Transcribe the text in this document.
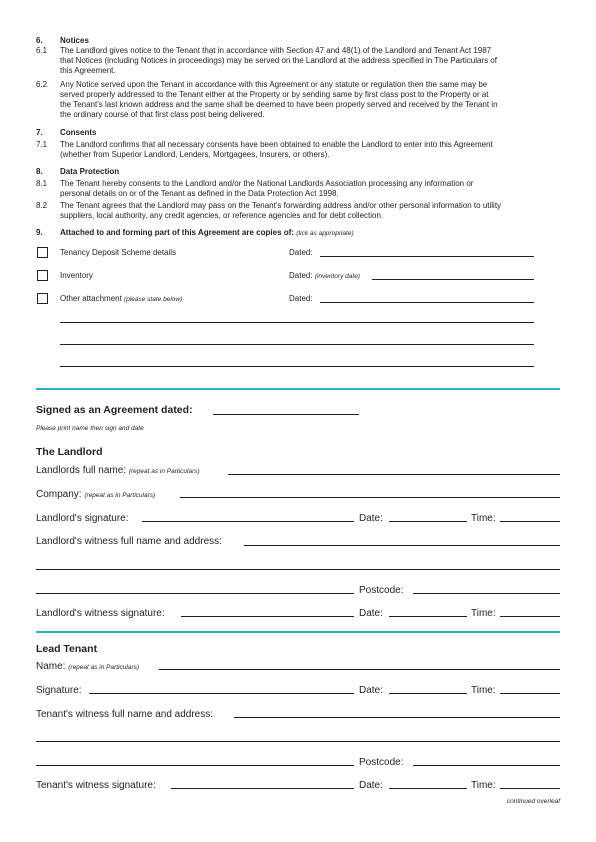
6. Notices
6.1 The Landlord gives notice to the Tenant that in accordance with Section 47 and 48(1) of the Landlord and Tenant Act 1987
that Notices (including Notices in proceedings) may be served on the Landlord at the address specified in The Particulars of
this Agreement.
6.2 Any Notice served upon the Tenant in accordance with this Agreement or any statute or regulation then the same may be
served properly addressed to the Tenant either at the Property or by sending same by first class post to the Property or at
the Tenant's last known address and the same shall be deemed to have been properly served and received by the Tenant in
the ordinary course of that first class post being delivered.
7. Consents
7.1 The Landlord confirms that all necessary consents have been obtained to enable the Landlord to enter into this Agreement
(whether from Superior Landlord, Lenders, Mortgagees, Insurers, or others).
8. Data Protection
8.1 The Tenant hereby consents to the Landlord and/or the National Landlords Association processing any information or
personal details on or of the Tenant as defined in the Data Protection Act 1998.
8.2 The Tenant agrees that the Landlord may pass on the Tenant's forwarding address and/or other personal information to utility
suppliers, local authority, any credit agencies, or reference agencies and for debt collection.
9. Attached to and forming part of this Agreement are copies of: (tick as appropriate)
Tenancy Deposit Scheme details	Dated:
Inventory	Dated: (inventory date)
Other attachment (please state below)	Dated:
Signed as an Agreement dated:
Please print name then sign and date
The Landlord
Landlords full name: (repeat as in Particulars)
Company: (repeat as in Particulars)
Landlord's signature:	Date:	Time:
Landlord's witness full name and address:
Postcode:
Landlord's witness signature:	Date:	Time:
Lead Tenant
Name: (repeat as in Particulars)
Signature:	Date:	Time:
Tenant's witness full name and address:
Postcode:
Tenant's witness signature:	Date:	Time:
continued overleaf
